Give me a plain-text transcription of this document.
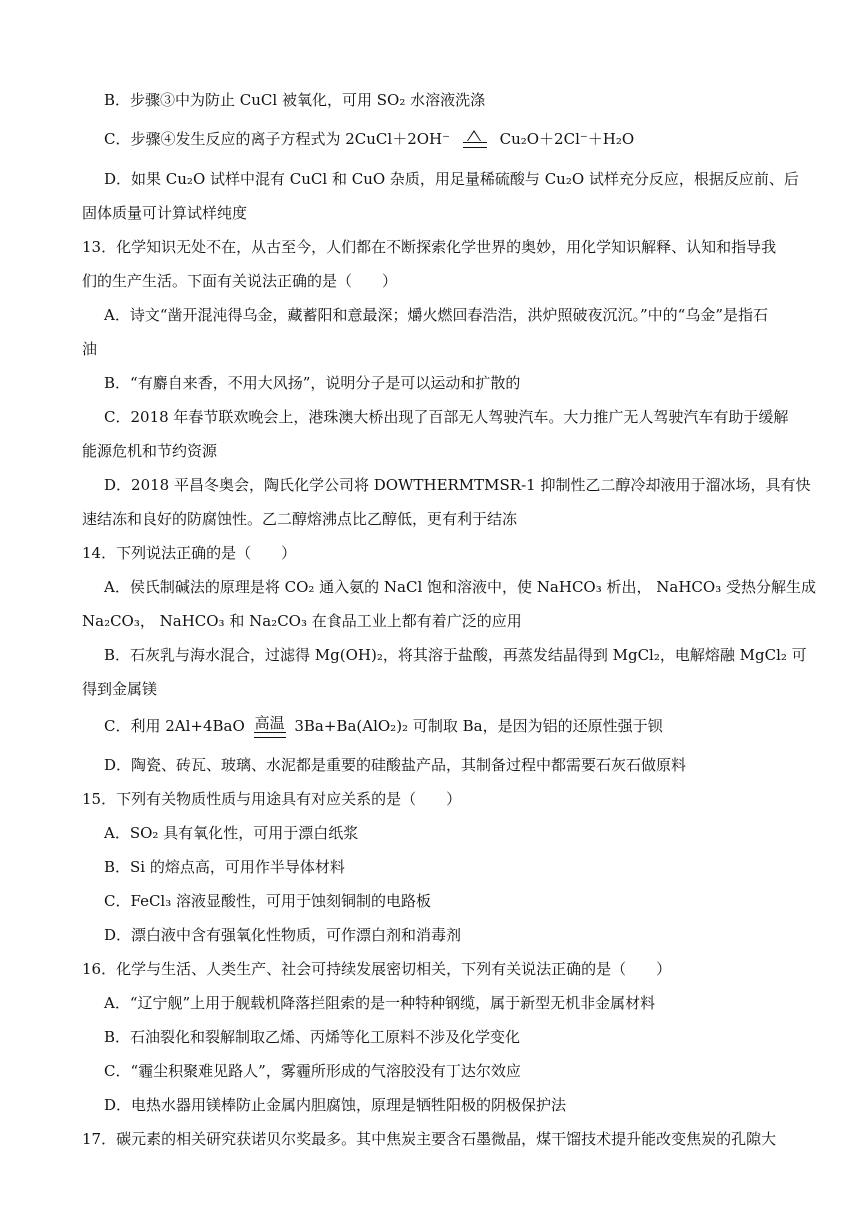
B．步骤③中为防止 CuCl 被氧化，可用 SO₂ 水溶液洗涤
C．步骤④发生反应的离子方程式为 2CuCl＋2OH⁻	Cu₂O＋2Cl⁻＋H₂O
D．如果 Cu₂O 试样中混有 CuCl 和 CuO 杂质，用足量稀硫酸与 Cu₂O 试样充分反应，根据反应前、后
固体质量可计算试样纯度
13．化学知识无处不在，从古至今，人们都在不断探索化学世界的奥妙，用化学知识解释、认知和指导我
们的生产生活。下面有关说法正确的是（　　）
A．诗文“凿开混沌得乌金，藏蓄阳和意最深；爝火燃回春浩浩，洪炉照破夜沉沉。”中的“乌金”是指石
油
B．“有麝自来香，不用大风扬”，说明分子是可以运动和扩散的
C．2018 年春节联欢晚会上，港珠澳大桥出现了百部无人驾驶汽车。大力推广无人驾驶汽车有助于缓解
能源危机和节约资源
D．2018 平昌冬奥会，陶氏化学公司将 DOWTHERMTMSR-1 抑制性乙二醇冷却液用于溜冰场，具有快
速结冻和良好的防腐蚀性。乙二醇熔沸点比乙醇低，更有利于结冻
14．下列说法正确的是（　　）
A．侯氏制碱法的原理是将 CO₂ 通入氨的 NaCl 饱和溶液中，使 NaHCO₃ 析出， NaHCO₃ 受热分解生成
Na₂CO₃， NaHCO₃ 和 Na₂CO₃ 在食品工业上都有着广泛的应用
B．石灰乳与海水混合，过滤得 Mg(OH)₂，将其溶于盐酸，再蒸发结晶得到 MgCl₂，电解熔融 MgCl₂ 可
得到金属镁
C．利用 2Al+4BaO 高温 3Ba+Ba(AlO₂)₂ 可制取 Ba，是因为铝的还原性强于钡
D．陶瓷、砖瓦、玻璃、水泥都是重要的硅酸盐产品，其制备过程中都需要石灰石做原料
15．下列有关物质性质与用途具有对应关系的是（　　）
A．SO₂ 具有氧化性，可用于漂白纸浆
B．Si 的熔点高，可用作半导体材料
C．FeCl₃ 溶液显酸性，可用于蚀刻铜制的电路板
D．漂白液中含有强氧化性物质，可作漂白剂和消毒剂
16．化学与生活、人类生产、社会可持续发展密切相关，下列有关说法正确的是（　　）
A．“辽宁舰”上用于舰载机降落拦阻索的是一种特种钢缆，属于新型无机非金属材料
B．石油裂化和裂解制取乙烯、丙烯等化工原料不涉及化学变化
C．“霾尘积聚难见路人”，雾霾所形成的气溶胶没有丁达尔效应
D．电热水器用镁棒防止金属内胆腐蚀，原理是牺牲阳极的阴极保护法
17．碳元素的相关研究获诺贝尔奖最多。其中焦炭主要含石墨微晶，煤干馏技术提升能改变焦炭的孔隙大
